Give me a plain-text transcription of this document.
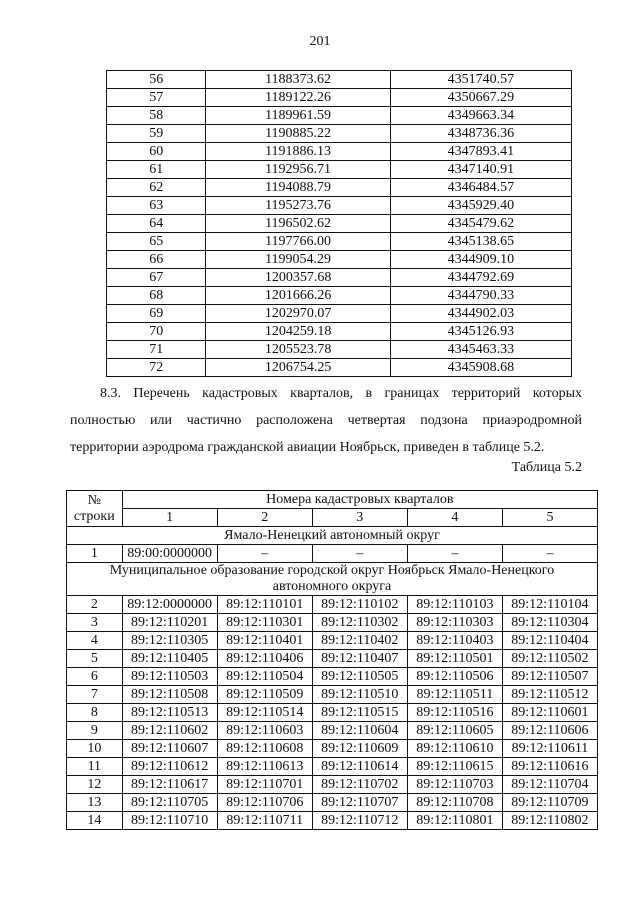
201
56	1188373.62	4351740.57
57	1189122.26	4350667.29
58	1189961.59	4349663.34
59	1190885.22	4348736.36
60	1191886.13	4347893.41
61	1192956.71	4347140.91
62	1194088.79	4346484.57
63	1195273.76	4345929.40
64	1196502.62	4345479.62
65	1197766.00	4345138.65
66	1199054.29	4344909.10
67	1200357.68	4344792.69
68	1201666.26	4344790.33
69	1202970.07	4344902.03
70	1204259.18	4345126.93
71	1205523.78	4345463.33
72	1206754.25	4345908.68
8.3. Перечень кадастровых кварталов, в границах территорий которых
полностью или частично расположена четвертая подзона приаэродромной
территории аэродрома гражданской авиации Ноябрьск, приведен в таблице 5.2.
Таблица 5.2
№
строки	Номера кадастровых кварталов				
	1	2	3	4	5
Ямало-Ненецкий автономный округ					
1	89:00:0000000	–	–	–	–

Муниципальное образование городской округ Ноябрьск Ямало-Ненецкого
автономного округа					

2	89:12:0000000	89:12:110101	89:12:110102	89:12:110103	89:12:110104
3	89:12:110201	89:12:110301	89:12:110302	89:12:110303	89:12:110304
4	89:12:110305	89:12:110401	89:12:110402	89:12:110403	89:12:110404
5	89:12:110405	89:12:110406	89:12:110407	89:12:110501	89:12:110502
6	89:12:110503	89:12:110504	89:12:110505	89:12:110506	89:12:110507
7	89:12:110508	89:12:110509	89:12:110510	89:12:110511	89:12:110512
8	89:12:110513	89:12:110514	89:12:110515	89:12:110516	89:12:110601
9	89:12:110602	89:12:110603	89:12:110604	89:12:110605	89:12:110606
10	89:12:110607	89:12:110608	89:12:110609	89:12:110610	89:12:110611
11	89:12:110612	89:12:110613	89:12:110614	89:12:110615	89:12:110616
12	89:12:110617	89:12:110701	89:12:110702	89:12:110703	89:12:110704
13	89:12:110705	89:12:110706	89:12:110707	89:12:110708	89:12:110709
14	89:12:110710	89:12:110711	89:12:110712	89:12:110801	89:12:110802
